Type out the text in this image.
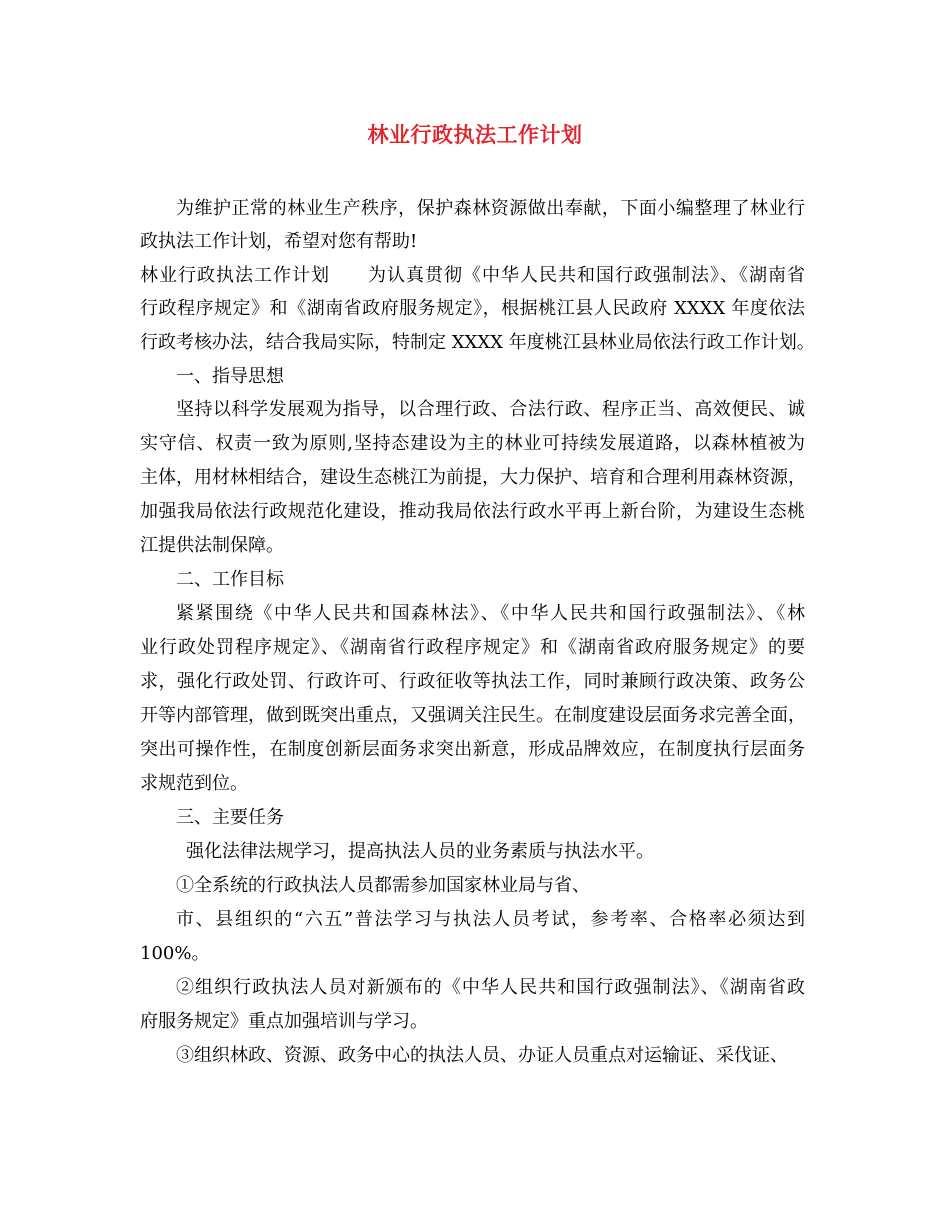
林业行政执法工作计划
为维护正常的林业生产秩序，保护森林资源做出奉献，下面小编整理了林业行
政执法工作计划，希望对您有帮助!
林业行政执法工作计划　　为认真贯彻《中华人民共和国行政强制法》、《湖南省
行政程序规定》和《湖南省政府服务规定》，根据桃江县人民政府 XXXX 年度依法
行政考核办法，结合我局实际，特制定 XXXX 年度桃江县林业局依法行政工作计划。
一、指导思想
坚持以科学发展观为指导，以合理行政、合法行政、程序正当、高效便民、诚
实守信、权责一致为原则,坚持态建设为主的林业可持续发展道路，以森林植被为
主体，用材林相结合，建设生态桃江为前提，大力保护、培育和合理利用森林资源，
加强我局依法行政规范化建设，推动我局依法行政水平再上新台阶，为建设生态桃
江提供法制保障。
二、工作目标
紧紧围绕《中华人民共和国森林法》、《中华人民共和国行政强制法》、《林
业行政处罚程序规定》、《湖南省行政程序规定》和《湖南省政府服务规定》的要
求，强化行政处罚、行政许可、行政征收等执法工作，同时兼顾行政决策、政务公
开等内部管理，做到既突出重点，又强调关注民生。在制度建设层面务求完善全面，
突出可操作性，在制度创新层面务求突出新意，形成品牌效应，在制度执行层面务
求规范到位。
三、主要任务
强化法律法规学习，提高执法人员的业务素质与执法水平。
①全系统的行政执法人员都需参加国家林业局与省、
市、县组织的“六五”普法学习与执法人员考试，参考率、合格率必须达到
100%。
②组织行政执法人员对新颁布的《中华人民共和国行政强制法》、《湖南省政
府服务规定》重点加强培训与学习。
③组织林政、资源、政务中心的执法人员、办证人员重点对运输证、采伐证、
